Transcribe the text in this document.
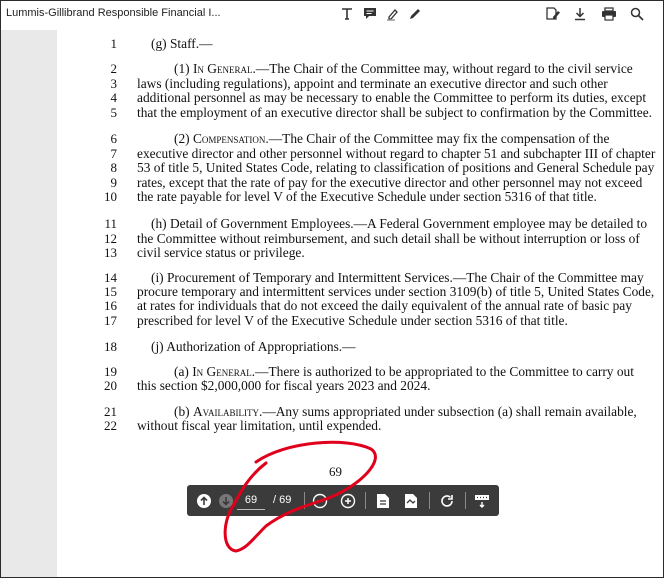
Lummis-Gillibrand Responsible Financial I...
1	(g) Staff.—
2	(1) In General.—The Chair of the Committee may, without regard to the civil service
3 laws (including regulations), appoint and terminate an executive director and such other
4 additional personnel as may be necessary to enable the Committee to perform its duties, except
5 that the employment of an executive director shall be subject to confirmation by the Committee.
6	(2) Compensation.—The Chair of the Committee may fix the compensation of the
7 executive director and other personnel without regard to chapter 51 and subchapter III of chapter
8 53 of title 5, United States Code, relating to classification of positions and General Schedule pay
9 rates, except that the rate of pay for the executive director and other personnel may not exceed
10 the rate payable for level V of the Executive Schedule under section 5316 of that title.
11	(h) Detail of Government Employees.—A Federal Government employee may be detailed to
12 the Committee without reimbursement, and such detail shall be without interruption or loss of
13 civil service status or privilege.
14	(i) Procurement of Temporary and Intermittent Services.—The Chair of the Committee may
15 procure temporary and intermittent services under section 3109(b) of title 5, United States Code,
16 at rates for individuals that do not exceed the daily equivalent of the annual rate of basic pay
17 prescribed for level V of the Executive Schedule under section 5316 of that title.
18	(j) Authorization of Appropriations.—
19	(a) In General.—There is authorized to be appropriated to the Committee to carry out
20 this section $2,000,000 for fiscal years 2023 and 2024.
21	(b) Availability.—Any sums appropriated under subsection (a) shall remain available,
22 without fiscal year limitation, until expended.
69
69	/ 69
